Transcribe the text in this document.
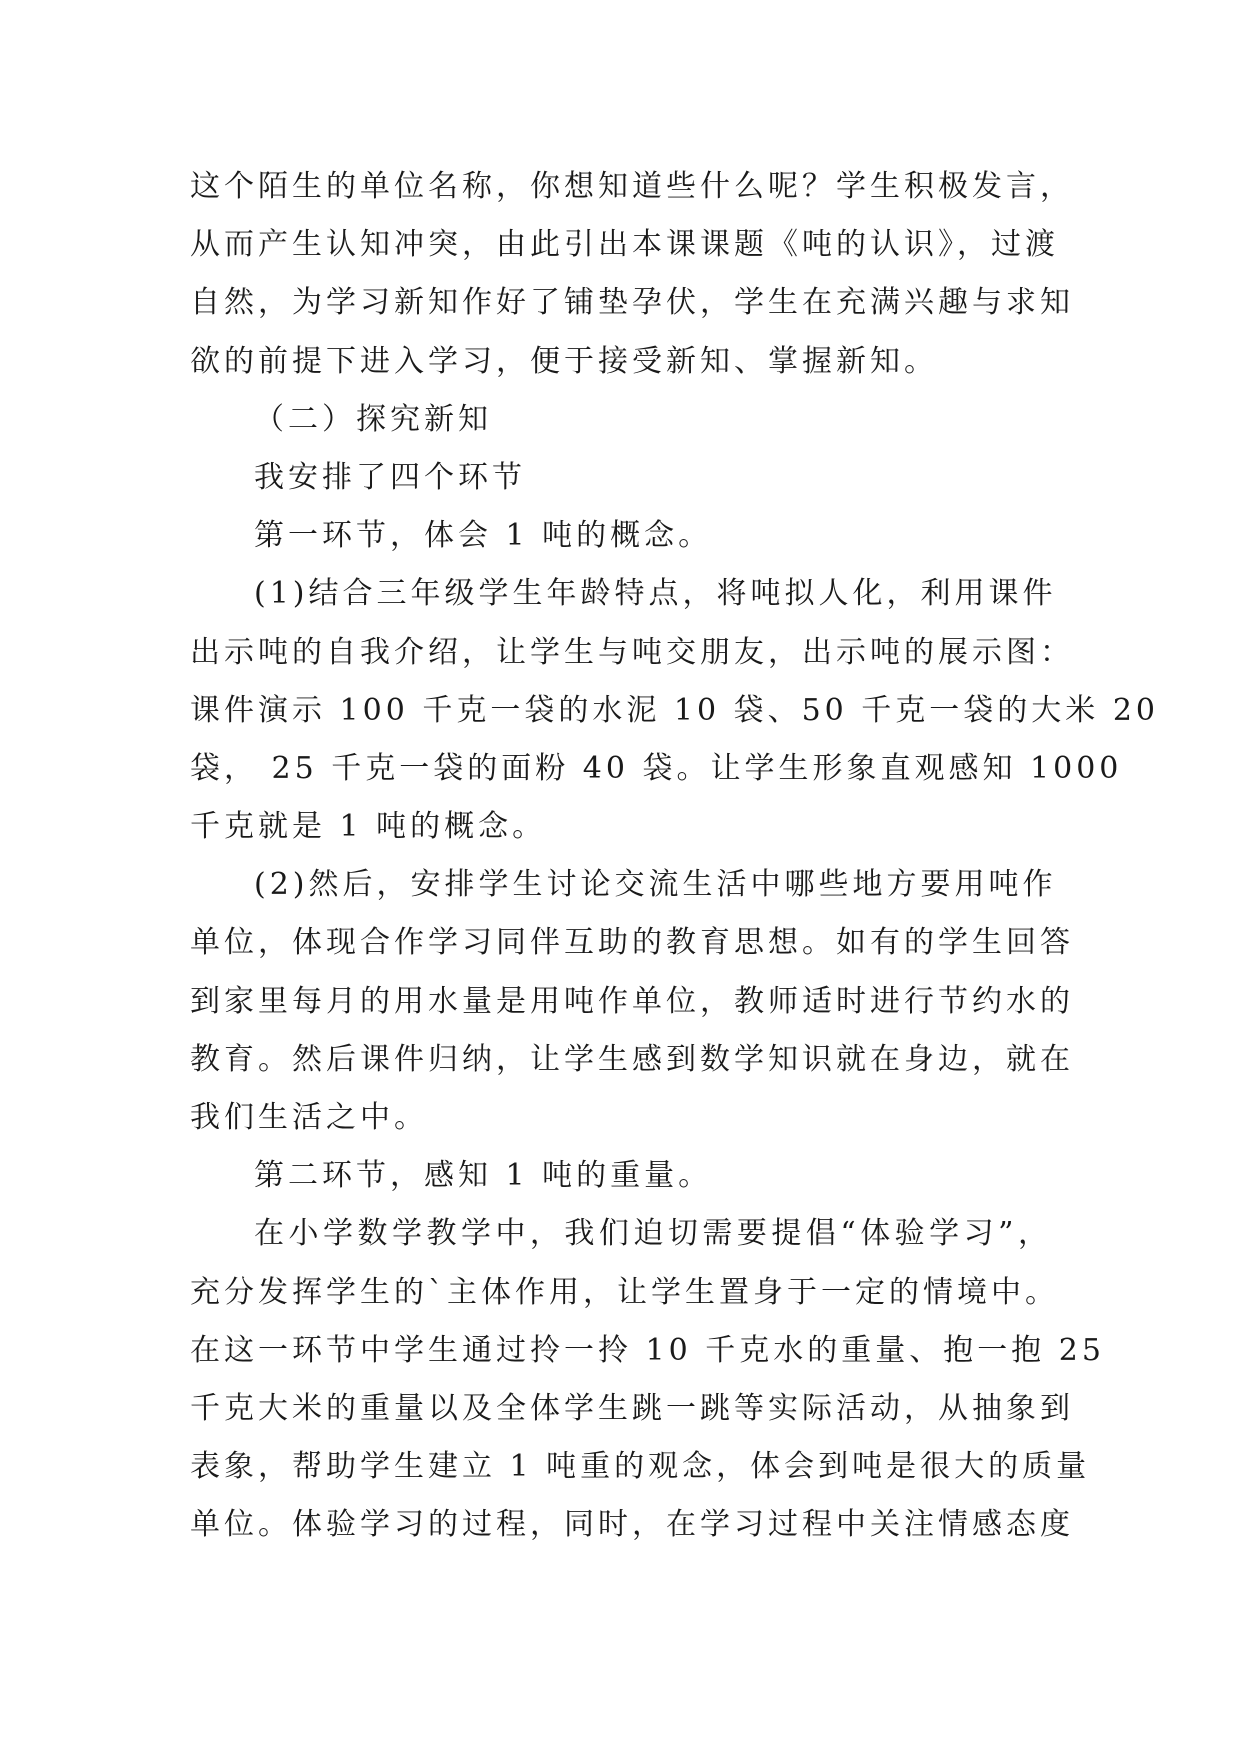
这个陌生的单位名称，你想知道些什么呢？学生积极发言，
从而产生认知冲突，由此引出本课课题《吨的认识》，过渡
自然，为学习新知作好了铺垫孕伏，学生在充满兴趣与求知
欲的前提下进入学习，便于接受新知、掌握新知。
（二）探究新知
我安排了四个环节
第一环节，体会 1 吨的概念。
(1)结合三年级学生年龄特点，将吨拟人化，利用课件
出示吨的自我介绍，让学生与吨交朋友，出示吨的展示图：
课件演示 100 千克一袋的水泥 10 袋、50 千克一袋的大米 20
袋， 25 千克一袋的面粉 40 袋。让学生形象直观感知 1000
千克就是 1 吨的概念。
(2)然后，安排学生讨论交流生活中哪些地方要用吨作
单位，体现合作学习同伴互助的教育思想。如有的学生回答
到家里每月的用水量是用吨作单位，教师适时进行节约水的
教育。然后课件归纳，让学生感到数学知识就在身边，就在
我们生活之中。
第二环节，感知 1 吨的重量。
在小学数学教学中，我们迫切需要提倡“体验学习”，
充分发挥学生的`主体作用，让学生置身于一定的情境中。
在这一环节中学生通过拎一拎 10 千克水的重量、抱一抱 25
千克大米的重量以及全体学生跳一跳等实际活动，从抽象到
表象，帮助学生建立 1 吨重的观念，体会到吨是很大的质量
单位。体验学习的过程，同时，在学习过程中关注情感态度
